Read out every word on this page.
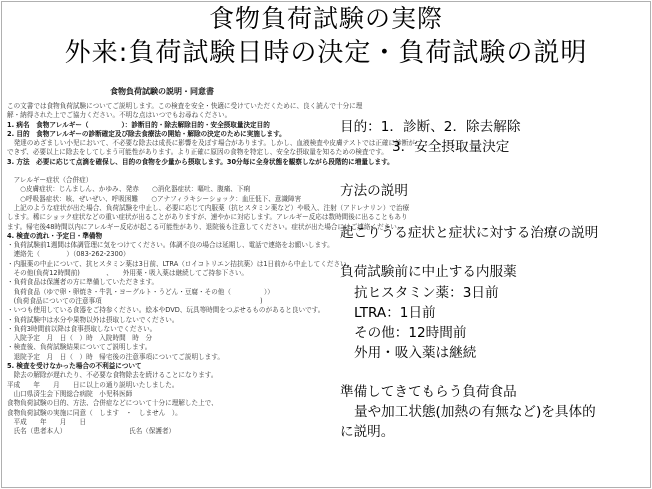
食物負荷試験の実際
外来:負荷試験日時の決定・負荷試験の説明
食物負荷試験の説明・同意書
この文書では食物負荷試験についてご説明します。この検査を安全・快適に受けていただくために、良く読んで十分に理
解・納得された上でご協力ください。不明な点はいつでもお尋ねください。
1. 病名　食物アレルギー（　　　　　）：診断目的・除去解除目的・安全摂取量決定目的
2. 目的　食物アレルギーの診断確定及び除去食療法の開始・解除の決定のために実施します。
　発達のめざましい小児において、不必要な除去は成長に影響を及ぼす場合があります。しかし、血液検査や皮膚テストでは正確に診断が
できず、必要以上に除去をしてしまう可能性があります。より正確に原因の食物を特定し、安全な摂取量を知るための検査です。
3. 方法　必要に応じて点滴を確保し、目的の食物を少量から摂取します。30分毎に全身状態を観察しながら段階的に増量します。
　アレルギー症状（合併症）
　　○皮膚症状：じんましん、かゆみ、発赤　　○消化器症状：嘔吐、腹痛、下痢
　　○呼吸器症状：咳、ぜいぜい、呼吸困難　　○アナフィラキシーショック：血圧低下、意識障害
　上記のような症状が出た場合、負荷試験を中止し、必要に応じて内服薬（抗ヒスタミン薬など）や吸入、注射（アドレナリン）で治療
します。稀にショック症状などの重い症状が出ることがありますが、速やかに対応します。アレルギー反応は数時間後に出ることもあり
ます。帰宅後48時間以内にアレルギー反応が起こる可能性があり、退院後も注意してください。症状が出た場合にはご連絡ください。
4. 検査の流れ・予定日・準備物
・負荷試験前1週間は体調管理に気をつけてください。体調不良の場合は延期し、電話で連絡をお願いします。
　連絡先（　　　　）（083-262-2300）
・内服薬の中止について、抗ヒスタミン薬は3日前、LTRA（ロイコトリエン拮抗薬）は1日前から中止してください。
　その他(負荷12時間前)　　　　、　　外用薬・吸入薬は継続してご持参下さい。
・負荷食品は保護者の方に準備していただきます。
　負荷食品（ゆで卵・卵焼き・牛乳・ヨーグルト・うどん・豆腐・その他（　　　　　））
　(負荷食品についての注意事項　　　　　　　　　　　　　　　　　　　　　　　　)
・いつも使用している食器をご持参ください。絵本やDVD、玩具等時間をつぶせるものがあると良いです。
・負荷試験中は水分や果物以外は摂取しないでください。
・負荷3時間前以降は食事摂取しないでください。
　入院予定　月　日（　）時　入院時間　時　分
・検査後、負荷試験結果についてご説明します。
　退院予定　月　日（　）時　帰宅後の注意事項についてご説明します。
5. 検査を受けなかった場合の不利益について
　除去の解除が遅れたり、不必要な食物除去を続けることになります。
平成　　年　　月　　日に以上の通り説明いたしました。
　山口県済生会下関総合病院　小児科医師　　　　　　　　　　
食物負荷試験の目的、方法、合併症などについて十分に理解した上で、
食物負荷試験の実施に同意（　します　・　しません　）。
　平成　　年　　月　　日
　氏名（患者本人）　　　　　　　　　　氏名（保護者）　　　　　　　　　　
目的：1．診断、2．除去解除
3．安全摂取量決定
方法の説明
起こりうる症状と症状に対する治療の説明
負荷試験前に中止する内服薬
抗ヒスタミン薬：3日前
LTRA：1日前
その他：12時間前
外用・吸入薬は継続
準備してきてもらう負荷食品
量や加工状態(加熱の有無など)を具体的
に説明。
